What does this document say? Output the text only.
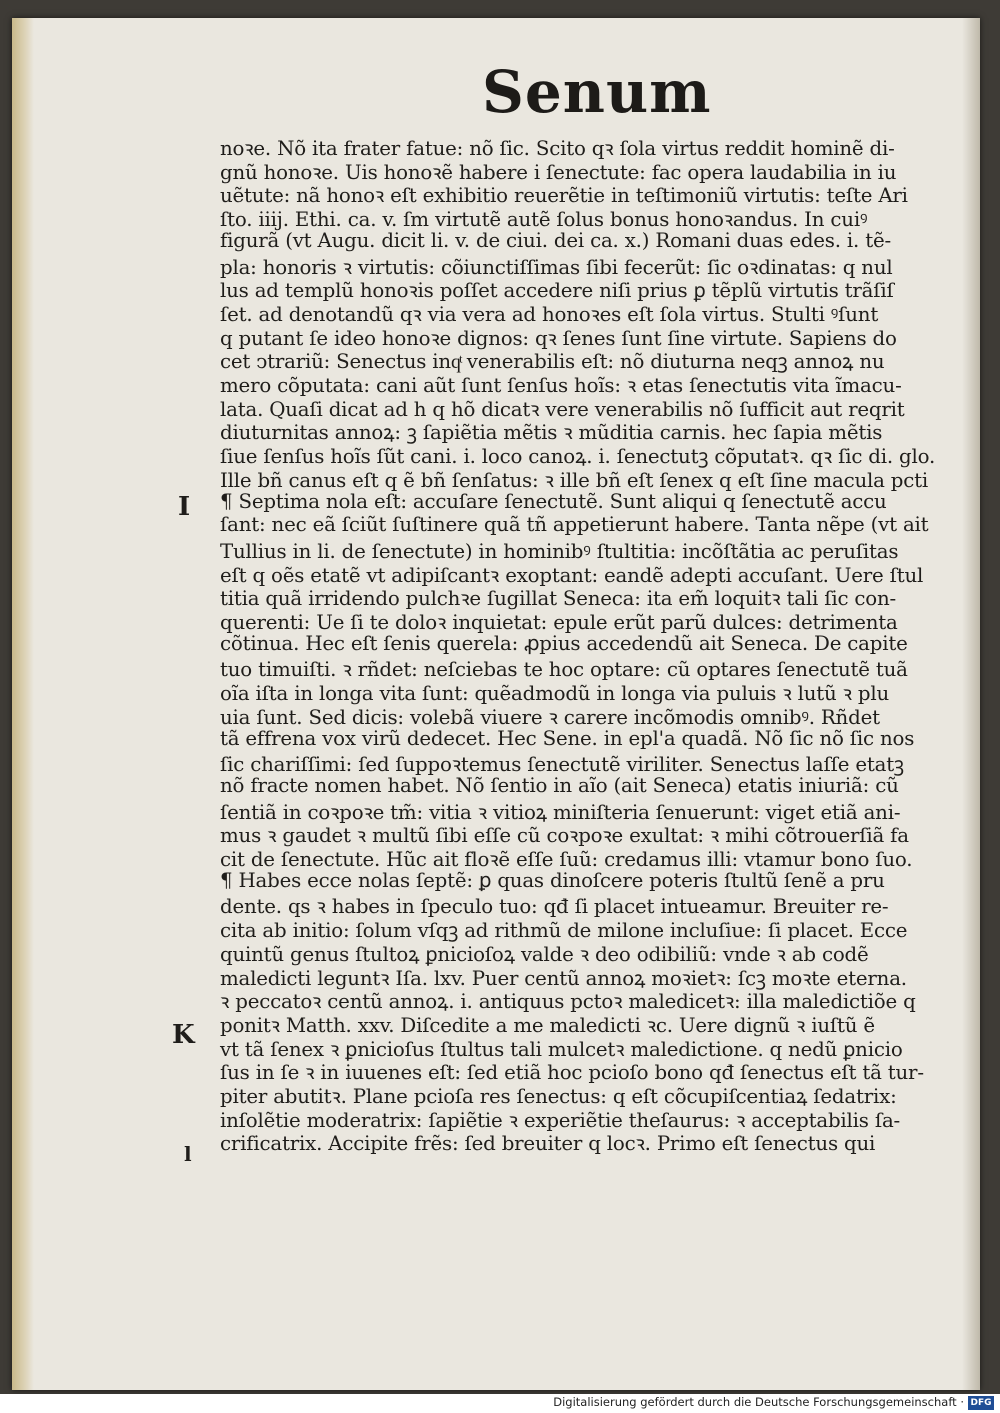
Senum
noꝛe. Nõ ita frater fatue: nõ ſic. Scito qꝛ ſola virtus reddit hominẽ di-
gnũ honoꝛe. Uis honoꝛẽ habere i ſenectute: fac opera laudabilia in iu
uẽtute: nã honoꝛ eſt exhibitio reuerẽtie in teſtimoniũ virtutis: teſte Ari
ſto. iiij. Ethi. ca. v. ſm virtutẽ autẽ ſolus bonus honoꝛandus. In cuiꝰ
figurã (vt Augu. dicit li. v. de ciui. dei ca. x.) Romani duas edes. i. tẽ-
pla: honoris ꝛ virtutis: cõiunctiſſimas ſibi fecerũt: ſic oꝛdinatas: q nul
lus ad templũ honoꝛis poſſet accedere niſi prius ꝑ tẽplũ virtutis trãſiſ
ſet. ad denotandũ qꝛ via vera ad honoꝛes eſt ſola virtus. Stulti ꝰſunt
q putant ſe ideo honoꝛe dignos: qꝛ ſenes ſunt ſine virtute. Sapiens do
cet ↄtrariũ: Senectus inqͭ venerabilis eſt: nõ diuturna neqꝫ annoꝝ nu
mero cõputata: cani aũt ſunt ſenſus hoĩs: ꝛ etas ſenectutis vita ĩmacu-
lata. Quaſi dicat ad h q hõ dicatꝛ vere venerabilis nõ ſufficit aut reqrit
diuturnitas annoꝝ: ꝫ ſapiẽtia mẽtis ꝛ mũditia carnis. hec ſapia mẽtis
ſiue ſenſus hoĩs ſũt cani. i. loco canoꝝ. i. ſenectutꝫ cõputatꝛ. qꝛ ſic di. glo.
Ille bñ canus eſt q ẽ bñ ſenſatus: ꝛ ille bñ eſt ſenex q eſt ſine macula pcti
¶ Septima nola eſt: accuſare ſenectutẽ. Sunt aliqui q ſenectutẽ accu
ſant: nec eã ſciũt ſuſtinere quã tñ appetierunt habere. Tanta nẽpe (vt ait
Tullius in li. de ſenectute) in hominibꝰ ſtultitia: incõſtãtia ac peruſitas
eſt q oẽs etatẽ vt adipiſcantꝛ exoptant: eandẽ adepti accuſant. Uere ſtul
titia quã irridendo pulchꝛe ſugillat Seneca: ita em̃ loquitꝛ tali ſic con-
querenti: Ue ſi te doloꝛ inquietat: epule erũt parũ dulces: detrimenta
cõtinua. Hec eſt ſenis querela: ꝓpius accedendũ ait Seneca. De capite
tuo timuiſti. ꝛ rñdet: neſciebas te hoc optare: cũ optares ſenectutẽ tuã
oĩa iſta in longa vita ſunt: quẽadmodũ in longa via puluis ꝛ lutũ ꝛ plu
uia ſunt. Sed dicis: volebã viuere ꝛ carere incõmodis omnibꝰ. Rñdet
tã effrena vox virũ dedecet. Hec Sene. in epl'a quadã. Nõ ſic nõ ſic nos
ſic chariſſimi: ſed ſuppoꝛtemus ſenectutẽ viriliter. Senectus laſſe etatꝫ
nõ fracte nomen habet. Nõ ſentio in aĩo (ait Seneca) etatis iniuriã: cũ
ſentiã in coꝛpoꝛe tm̃: vitia ꝛ vitioꝝ miniſteria ſenuerunt: viget etiã ani-
mus ꝛ gaudet ꝛ multũ ſibi eſſe cũ coꝛpoꝛe exultat: ꝛ mihi cõtrouerſiã fa
cit de ſenectute. Hũc ait floꝛẽ eſſe ſuũ: credamus illi: vtamur bono ſuo.
¶ Habes ecce nolas ſeptẽ: ꝑ quas dinoſcere poteris ſtultũ ſenẽ a pru
dente. qs ꝛ habes in ſpeculo tuo: qđ ſi placet intueamur. Breuiter re-
cita ab initio: ſolum vſqꝫ ad rithmũ de milone incluſiue: ſi placet. Ecce
quintũ genus ſtultoꝝ ꝑnicioſoꝝ valde ꝛ deo odibiliũ: vnde ꝛ ab codẽ
maledicti leguntꝛ Iſa. lxv. Puer centũ annoꝝ moꝛietꝛ: ſcꝫ moꝛte eterna.
ꝛ peccatoꝛ centũ annoꝝ. i. antiquus pctoꝛ maledicetꝛ: illa maledictiõe q
ponitꝛ Matth. xxv. Diſcedite a me maledicti ꝛc. Uere dignũ ꝛ iuſtũ ẽ
vt tã ſenex ꝛ ꝑnicioſus ſtultus tali mulcetꝛ maledictione. q nedũ ꝑnicio
ſus in ſe ꝛ in iuuenes eſt: ſed etiã hoc pcioſo bono qđ ſenectus eſt tã tur-
piter abutitꝛ. Plane pcioſa res ſenectus: q eſt cõcupiſcentiaꝝ ſedatrix:
inſolẽtie moderatrix: ſapiẽtie ꝛ experiẽtie theſaurus: ꝛ acceptabilis ſa-
crificatrix. Accipite frẽs: ſed breuiter q locꝛ. Primo eſt ſenectus qui
I
K
l
Digitalisierung gefördert durch die Deutsche Forschungsgemeinschaft · DFG
